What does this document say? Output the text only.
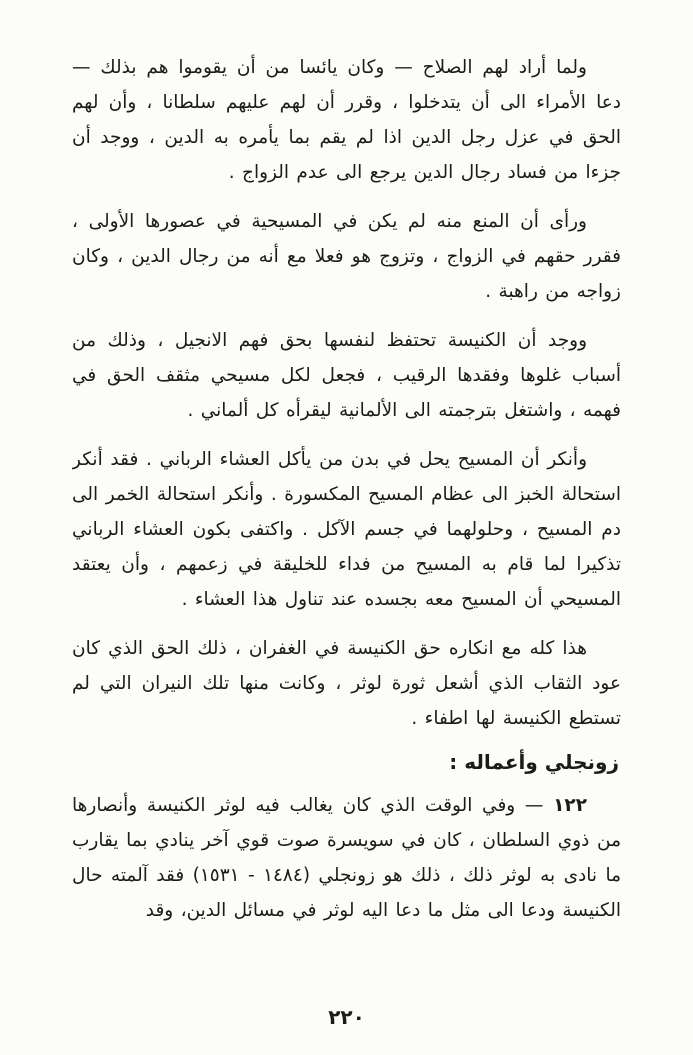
ولما أراد لهم الصلاح — وكان يائسا من أن يقوموا هم بذلك — دعا الأمراء الى أن يتدخلوا ، وقرر أن لهم عليهم سلطانا ، وأن لهم الحق في عزل رجل الدين اذا لم يقم بما يأمره به الدين ، ووجد أن جزءا من فساد رجال الدين يرجع الى عدم الزواج .

ورأى أن المنع منه لم يكن في المسيحية في عصورها الأولى ، فقرر حقهم في الزواج ، وتزوج هو فعلا مع أنه من رجال الدين ، وكان زواجه من راهبة .

ووجد أن الكنيسة تحتفظ لنفسها بحق فهم الانجيل ، وذلك من أسباب غلوها وفقدها الرقيب ، فجعل لكل مسيحي مثقف الحق في فهمه ، واشتغل بترجمته الى الألمانية ليقرأه كل ألماني .

وأنكر أن المسيح يحل في بدن من يأكل العشاء الرباني . فقد أنكر استحالة الخبز الى عظام المسيح المكسورة . وأنكر استحالة الخمر الى دم المسيح ، وحلولهما في جسم الآكل . واكتفى بكون العشاء الرباني تذكيرا لما قام به المسيح من فداء للخليقة في زعمهم ، وأن يعتقد المسيحي أن المسيح معه بجسده عند تناول هذا العشاء .

هذا كله مع انكاره حق الكنيسة في الغفران ، ذلك الحق الذي كان عود الثقاب الذي أشعل ثورة لوثر ، وكانت منها تلك النيران التي لم تستطع الكنيسة لها اطفاء .

زونجلي وأعماله :

١٢٢ — وفي الوقت الذي كان يغالب فيه لوثر الكنيسة وأنصارها من ذوي السلطان ، كان في سويسرة صوت قوي آخر ينادي بما يقارب ما نادى به لوثر ذلك ، ذلك هو زونجلي (١٤٨٤ - ١٥٣١) فقد آلمته حال الكنيسة ودعا الى مثل ما دعا اليه لوثر في مسائل الدين، وقد

٢٢٠
